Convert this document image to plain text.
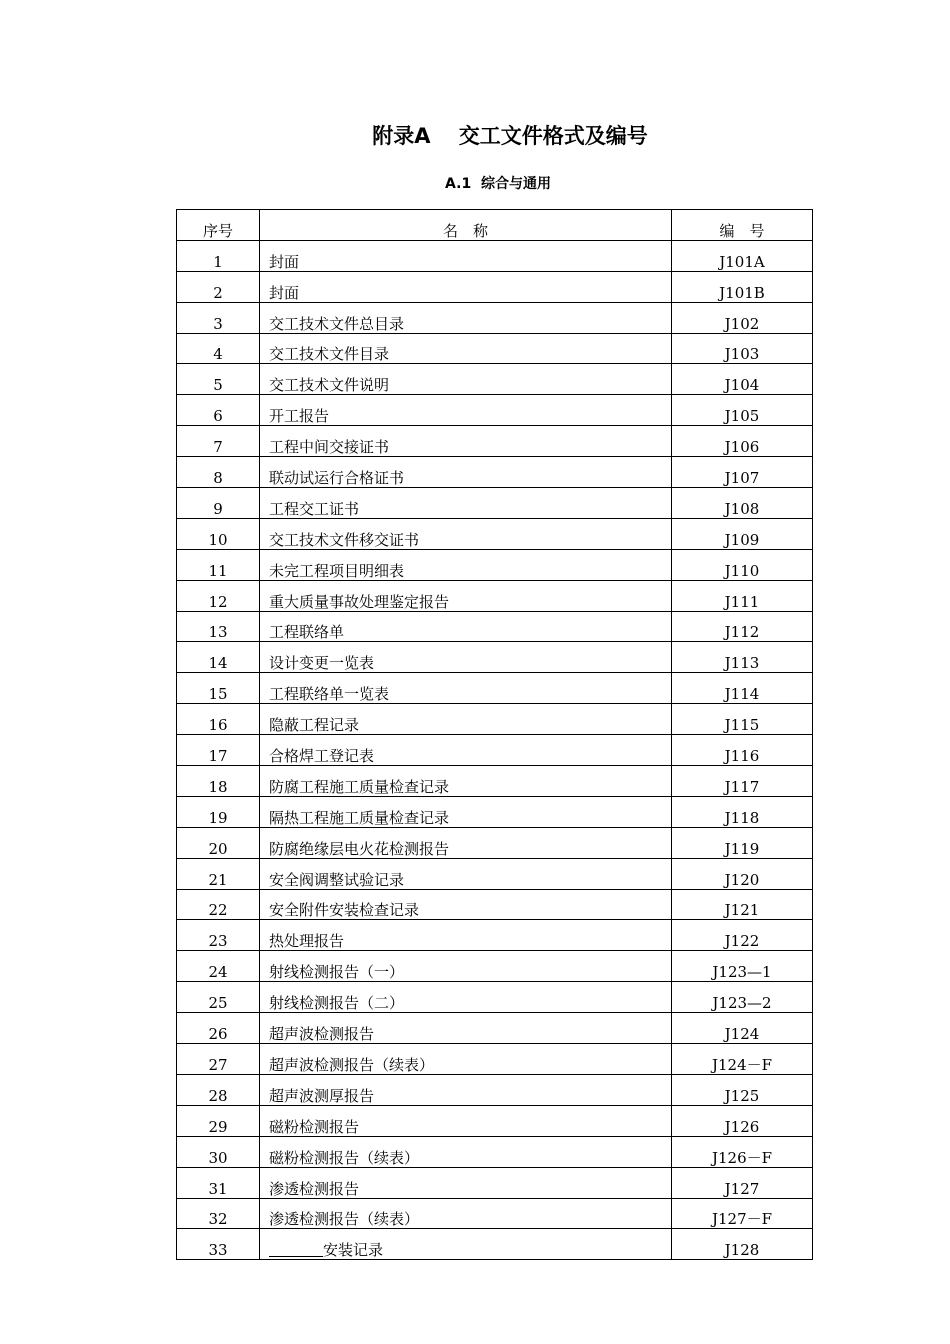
附录A　 交工文件格式及编号
A.1  综合与通用
序号	名　称	编　号
1	封面	J101A
2	封面	J101B
3	交工技术文件总目录	J102
4	交工技术文件目录	J103
5	交工技术文件说明	J104
6	开工报告	J105
7	工程中间交接证书	J106
8	联动试运行合格证书	J107
9	工程交工证书	J108
10	交工技术文件移交证书	J109
11	未完工程项目明细表	J110
12	重大质量事故处理鉴定报告	J111
13	工程联络单	J112
14	设计变更一览表	J113
15	工程联络单一览表	J114
16	隐蔽工程记录	J115
17	合格焊工登记表	J116
18	防腐工程施工质量检查记录	J117
19	隔热工程施工质量检查记录	J118
20	防腐绝缘层电火花检测报告	J119
21	安全阀调整试验记录	J120
22	安全附件安装检查记录	J121
23	热处理报告	J122
24	射线检测报告（一）	J123—1
25	射线检测报告（二）	J123—2
26	超声波检测报告	J124
27	超声波检测报告（续表）	J124－F
28	超声波测厚报告	J125
29	磁粉检测报告	J126
30	磁粉检测报告（续表）	J126－F
31	渗透检测报告	J127
32	渗透检测报告（续表）	J127－F
33	安装记录	J128
